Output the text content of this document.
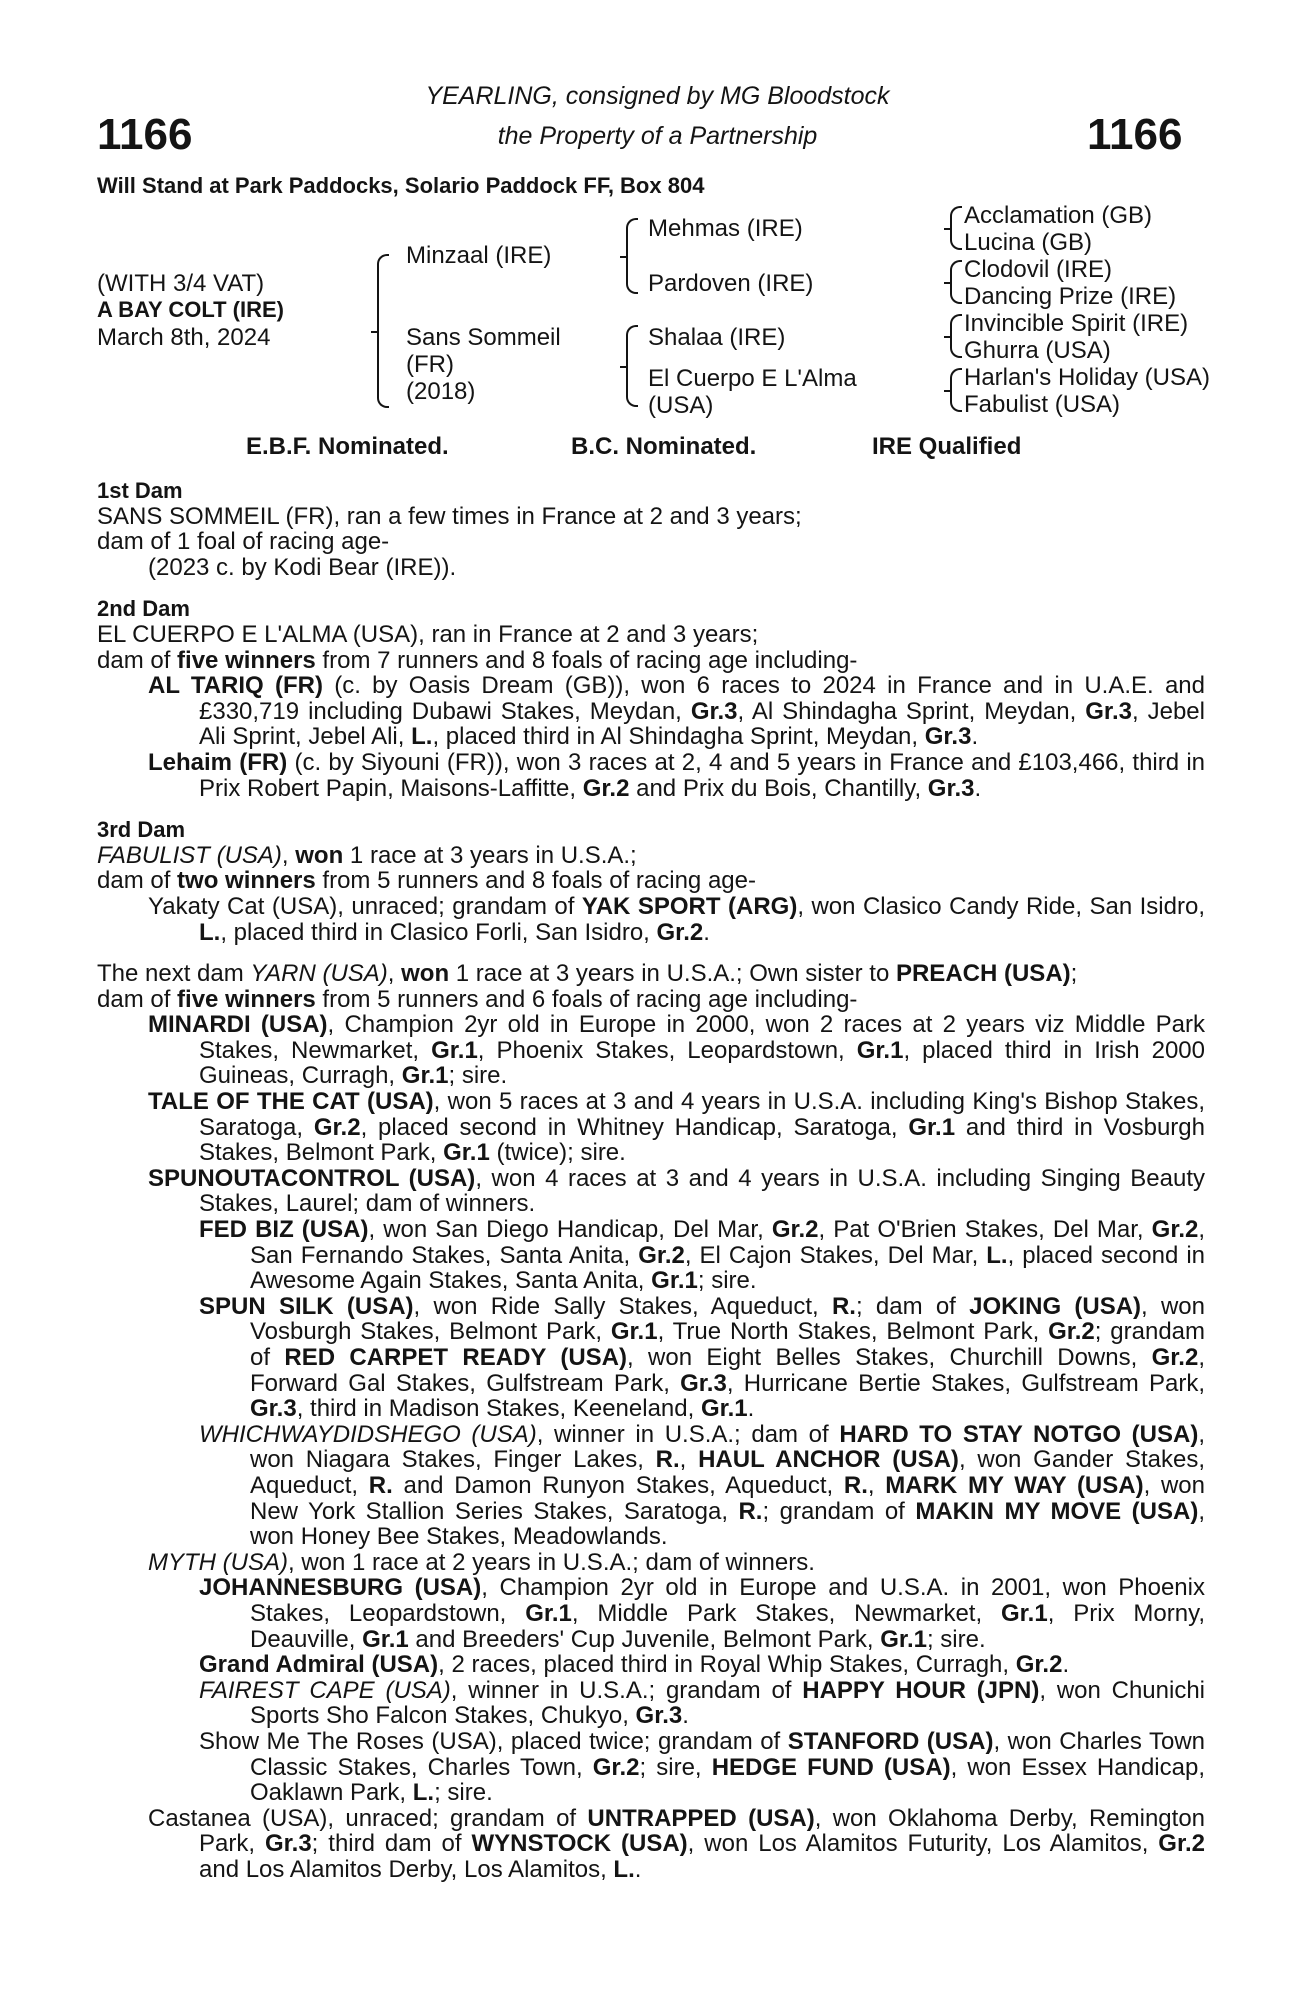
1166	1166
YEARLING, consigned by MG Bloodstock
the Property of a Partnership
Will Stand at Park Paddocks, Solario Paddock FF, Box 804
(WITH 3/4 VAT)
A BAY COLT (IRE)
March 8th, 2024
Minzaal (IRE)
Sans Sommeil
(FR)
(2018)
Mehmas (IRE)
Pardoven (IRE)
Shalaa (IRE)
El Cuerpo E L'Alma
(USA)
Acclamation (GB)
Lucina (GB)
Clodovil (IRE)
Dancing Prize (IRE)
Invincible Spirit (IRE)
Ghurra (USA)
Harlan's Holiday (USA)
Fabulist (USA)
E.B.F. Nominated.	B.C. Nominated.	IRE Qualified

1st Dam

SANS SOMMEIL (FR), ran a few times in France at 2 and 3 years;

dam of 1 foal of racing age-

(2023 c. by Kodi Bear (IRE)).

2nd Dam

EL CUERPO E L'ALMA (USA), ran in France at 2 and 3 years;

dam of five winners from 7 runners and 8 foals of racing age including-

AL TARIQ (FR) (c. by Oasis Dream (GB)), won 6 races to 2024 in France and in U.A.E. and £330,719 including Dubawi Stakes, Meydan, Gr.3, Al Shindagha Sprint, Meydan, Gr.3, Jebel Ali Sprint, Jebel Ali, L., placed third in Al Shindagha Sprint, Meydan, Gr.3.

Lehaim (FR) (c. by Siyouni (FR)), won 3 races at 2, 4 and 5 years in France and £103,466, third in Prix Robert Papin, Maisons-Laffitte, Gr.2 and Prix du Bois, Chantilly, Gr.3.

3rd Dam

FABULIST (USA), won 1 race at 3 years in U.S.A.;

dam of two winners from 5 runners and 8 foals of racing age-

Yakaty Cat (USA), unraced; grandam of YAK SPORT (ARG), won Clasico Candy Ride, San Isidro, L., placed third in Clasico Forli, San Isidro, Gr.2.

The next dam YARN (USA), won 1 race at 3 years in U.S.A.; Own sister to PREACH (USA);

dam of five winners from 5 runners and 6 foals of racing age including-

MINARDI (USA), Champion 2yr old in Europe in 2000, won 2 races at 2 years viz Middle Park Stakes, Newmarket, Gr.1, Phoenix Stakes, Leopardstown, Gr.1, placed third in Irish 2000 Guineas, Curragh, Gr.1; sire.

TALE OF THE CAT (USA), won 5 races at 3 and 4 years in U.S.A. including King's Bishop Stakes, Saratoga, Gr.2, placed second in Whitney Handicap, Saratoga, Gr.1 and third in Vosburgh Stakes, Belmont Park, Gr.1 (twice); sire.

SPUNOUTACONTROL (USA), won 4 races at 3 and 4 years in U.S.A. including Singing Beauty Stakes, Laurel; dam of winners.

FED BIZ (USA), won San Diego Handicap, Del Mar, Gr.2, Pat O'Brien Stakes, Del Mar, Gr.2, San Fernando Stakes, Santa Anita, Gr.2, El Cajon Stakes, Del Mar, L., placed second in Awesome Again Stakes, Santa Anita, Gr.1; sire.

SPUN SILK (USA), won Ride Sally Stakes, Aqueduct, R.; dam of JOKING (USA), won Vosburgh Stakes, Belmont Park, Gr.1, True North Stakes, Belmont Park, Gr.2; grandam of RED CARPET READY (USA), won Eight Belles Stakes, Churchill Downs, Gr.2, Forward Gal Stakes, Gulfstream Park, Gr.3, Hurricane Bertie Stakes, Gulfstream Park, Gr.3, third in Madison Stakes, Keeneland, Gr.1.

WHICHWAYDIDSHEGO (USA), winner in U.S.A.; dam of HARD TO STAY NOTGO (USA), won Niagara Stakes, Finger Lakes, R., HAUL ANCHOR (USA), won Gander Stakes, Aqueduct, R. and Damon Runyon Stakes, Aqueduct, R., MARK MY WAY (USA), won New York Stallion Series Stakes, Saratoga, R.; grandam of MAKIN MY MOVE (USA), won Honey Bee Stakes, Meadowlands.

MYTH (USA), won 1 race at 2 years in U.S.A.; dam of winners.

JOHANNESBURG (USA), Champion 2yr old in Europe and U.S.A. in 2001, won Phoenix Stakes, Leopardstown, Gr.1, Middle Park Stakes, Newmarket, Gr.1, Prix Morny, Deauville, Gr.1 and Breeders' Cup Juvenile, Belmont Park, Gr.1; sire.

Grand Admiral (USA), 2 races, placed third in Royal Whip Stakes, Curragh, Gr.2.

FAIREST CAPE (USA), winner in U.S.A.; grandam of HAPPY HOUR (JPN), won Chunichi Sports Sho Falcon Stakes, Chukyo, Gr.3.

Show Me The Roses (USA), placed twice; grandam of STANFORD (USA), won Charles Town Classic Stakes, Charles Town, Gr.2; sire, HEDGE FUND (USA), won Essex Handicap, Oaklawn Park, L.; sire.

Castanea (USA), unraced; grandam of UNTRAPPED (USA), won Oklahoma Derby, Remington Park, Gr.3; third dam of WYNSTOCK (USA), won Los Alamitos Futurity, Los Alamitos, Gr.2 and Los Alamitos Derby, Los Alamitos, L..
